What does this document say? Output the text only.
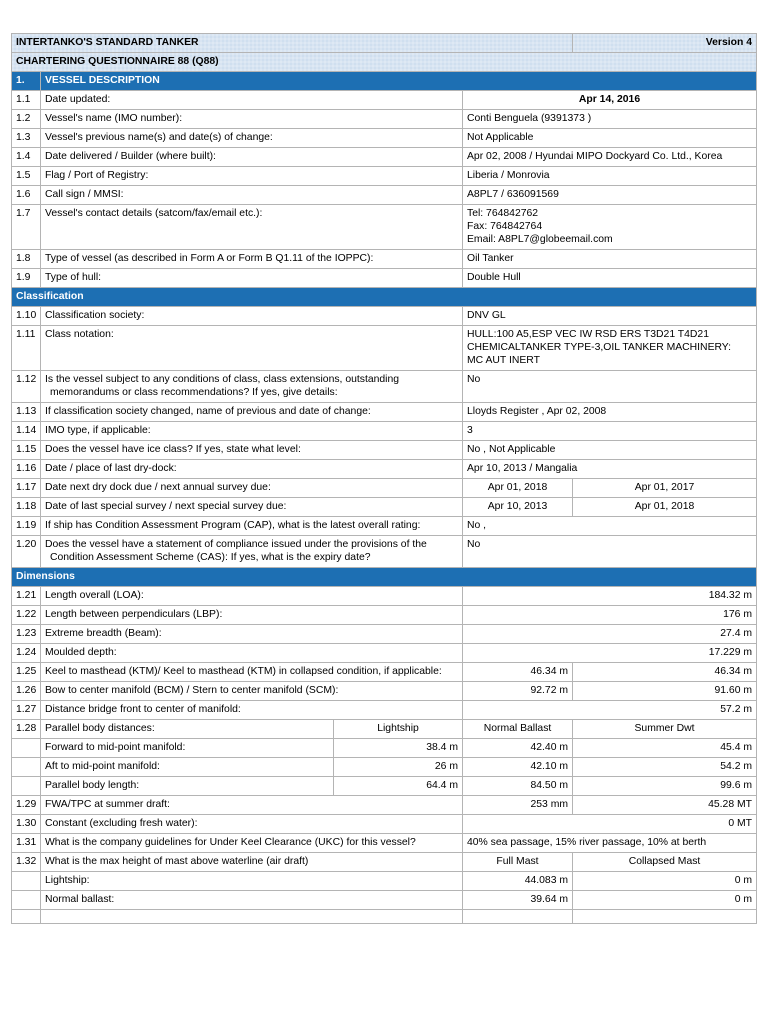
INTERTANKO'S STANDARD TANKER				Version 4
CHARTERING QUESTIONNAIRE 88 (Q88)				
1.	VESSEL DESCRIPTION			
1.1	Date updated:		Apr 14, 2016	
1.2	Vessel's name (IMO number):		Conti Benguela (9391373 )	
1.3	Vessel's previous name(s) and date(s) of change:		Not Applicable	
1.4	Date delivered / Builder (where built):		Apr 02, 2008 / Hyundai MIPO Dockyard Co. Ltd., Korea	
1.5	Flag / Port of Registry:		Liberia / Monrovia	
1.6	Call sign / MMSI:		A8PL7 / 636091569	
1.7	Vessel's contact details (satcom/fax/email etc.):		Tel: 764842762
Fax: 764842764
Email: A8PL7@globeemail.com	

1.8	Type of vessel (as described in Form A or Form B Q1.11 of the IOPPC):		Oil Tanker	
1.9	Type of hull:		Double Hull	
Classification				
1.10	Classification society:		DNV GL	
1.11	Class notation:		HULL:100 A5,ESP VEC IW RSD ERS T3D21 T4D21
CHEMICALTANKER TYPE-3,OIL TANKER MACHINERY:
MC AUT INERT	

1.12	Is the vessel subject to any conditions of class, class extensions, outstanding
memorandums or class recommendations? If yes, give details:		No	
1.13	If classification society changed, name of previous and date of change:		Lloyds Register , Apr 02, 2008	
1.14	IMO type, if applicable:		3	
1.15	Does the vessel have ice class? If yes, state what level:		No , Not Applicable	
1.16	Date / place of last dry-dock:		Apr 10, 2013 / Mangalia	
1.17	Date next dry dock due / next annual survey due:		Apr 01, 2018	Apr 01, 2017
1.18	Date of last special survey / next special survey due:		Apr 10, 2013	Apr 01, 2018
1.19	If ship has Condition Assessment Program (CAP), what is the latest overall rating:		No ,	
1.20	Does the vessel have a statement of compliance issued under the provisions of the
Condition Assessment Scheme (CAS): If yes, what is the expiry date?		No	
Dimensions				
1.21	Length overall (LOA):		184.32 m	
1.22	Length between perpendiculars (LBP):		176 m	
1.23	Extreme breadth (Beam):		27.4 m	
1.24	Moulded depth:		17.229 m	
1.25	Keel to masthead (KTM)/ Keel to masthead (KTM) in collapsed condition, if applicable:		46.34 m	46.34 m
1.26	Bow to center manifold (BCM) / Stern to center manifold (SCM):		92.72 m	91.60 m
1.27	Distance bridge front to center of manifold:		57.2 m	
1.28	Parallel body distances:	Lightship	Normal Ballast	Summer Dwt
	Forward to mid-point manifold:	38.4 m	42.40 m	45.4 m
	Aft to mid-point manifold:	26 m	42.10 m	54.2 m
	Parallel body length:	64.4 m	84.50 m	99.6 m
1.29	FWA/TPC at summer draft:		253 mm	45.28 MT
1.30	Constant (excluding fresh water):		0 MT	
1.31	What is the company guidelines for Under Keel Clearance (UKC) for this vessel?		40% sea passage, 15% river passage, 10% at berth	
1.32	What is the max height of mast above waterline (air draft)		Full Mast	Collapsed Mast
	Lightship:		44.083 m	0 m
	Normal ballast:		39.64 m	0 m
